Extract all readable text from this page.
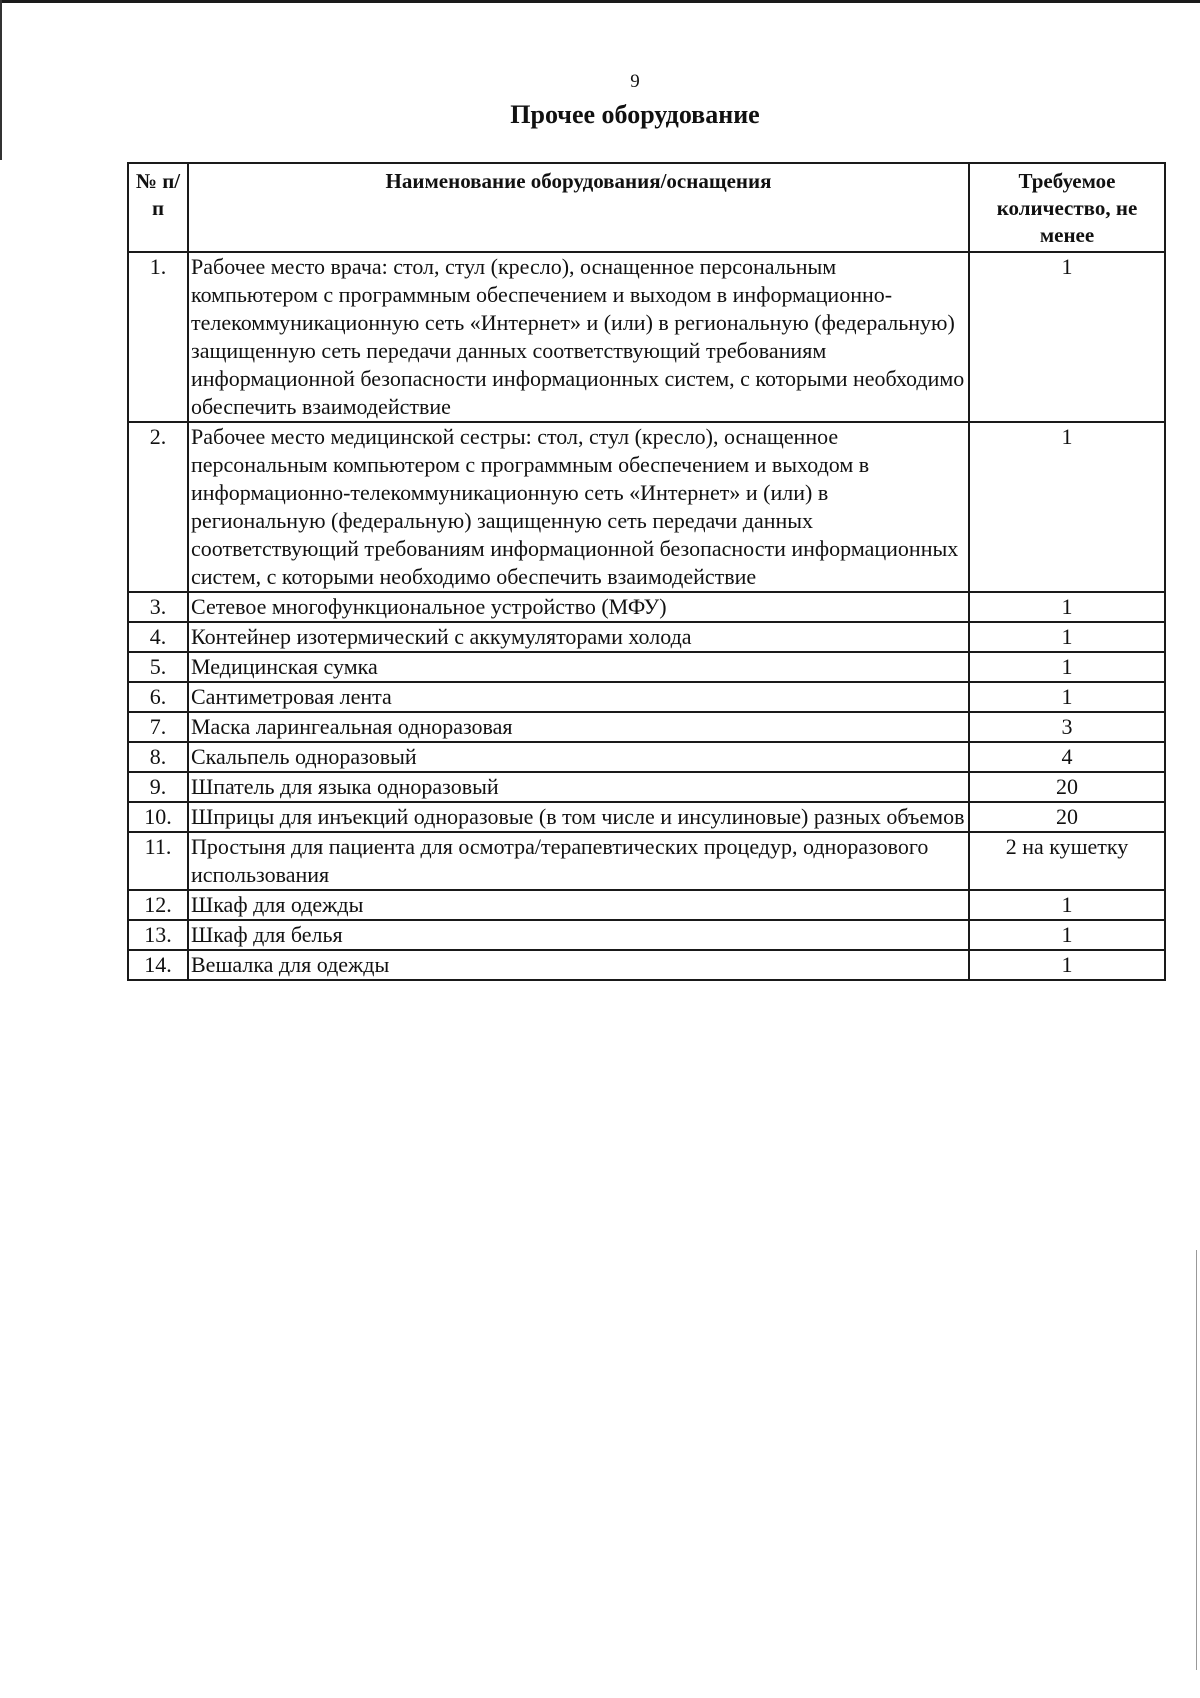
9
Прочее оборудование
№ п/п	Наименование оборудования/оснащения	Требуемое количество, не менее
1.	Рабочее место врача: стол, стул (кресло), оснащенное персональным компьютером с программным обеспечением и выходом в информационно-телекоммуникационную сеть «Интернет» и (или) в региональную (федеральную) защищенную сеть передачи данных соответствующий требованиям информационной безопасности информационных систем, с которыми необходимо обеспечить взаимодействие	1
2.	Рабочее место медицинской сестры: стол, стул (кресло), оснащенное персональным компьютером с программным обеспечением и выходом в информационно-телекоммуникационную сеть «Интернет» и (или) в региональную (федеральную) защищенную сеть передачи данных соответствующий требованиям информационной безопасности информационных систем, с которыми необходимо обеспечить взаимодействие	1
3.	Сетевое многофункциональное устройство (МФУ)	1
4.	Контейнер изотермический с аккумуляторами холода	1
5.	Медицинская сумка	1
6.	Сантиметровая лента	1
7.	Маска ларингеальная одноразовая	3
8.	Скальпель одноразовый	4
9.	Шпатель для языка одноразовый	20
10.	Шприцы для инъекций одноразовые (в том числе и инсулиновые) разных объемов	20
11.	Простыня для пациента для осмотра/терапевтических процедур, одноразового использования	2 на кушетку
12.	Шкаф для одежды	1
13.	Шкаф для белья	1
14.	Вешалка для одежды	1
